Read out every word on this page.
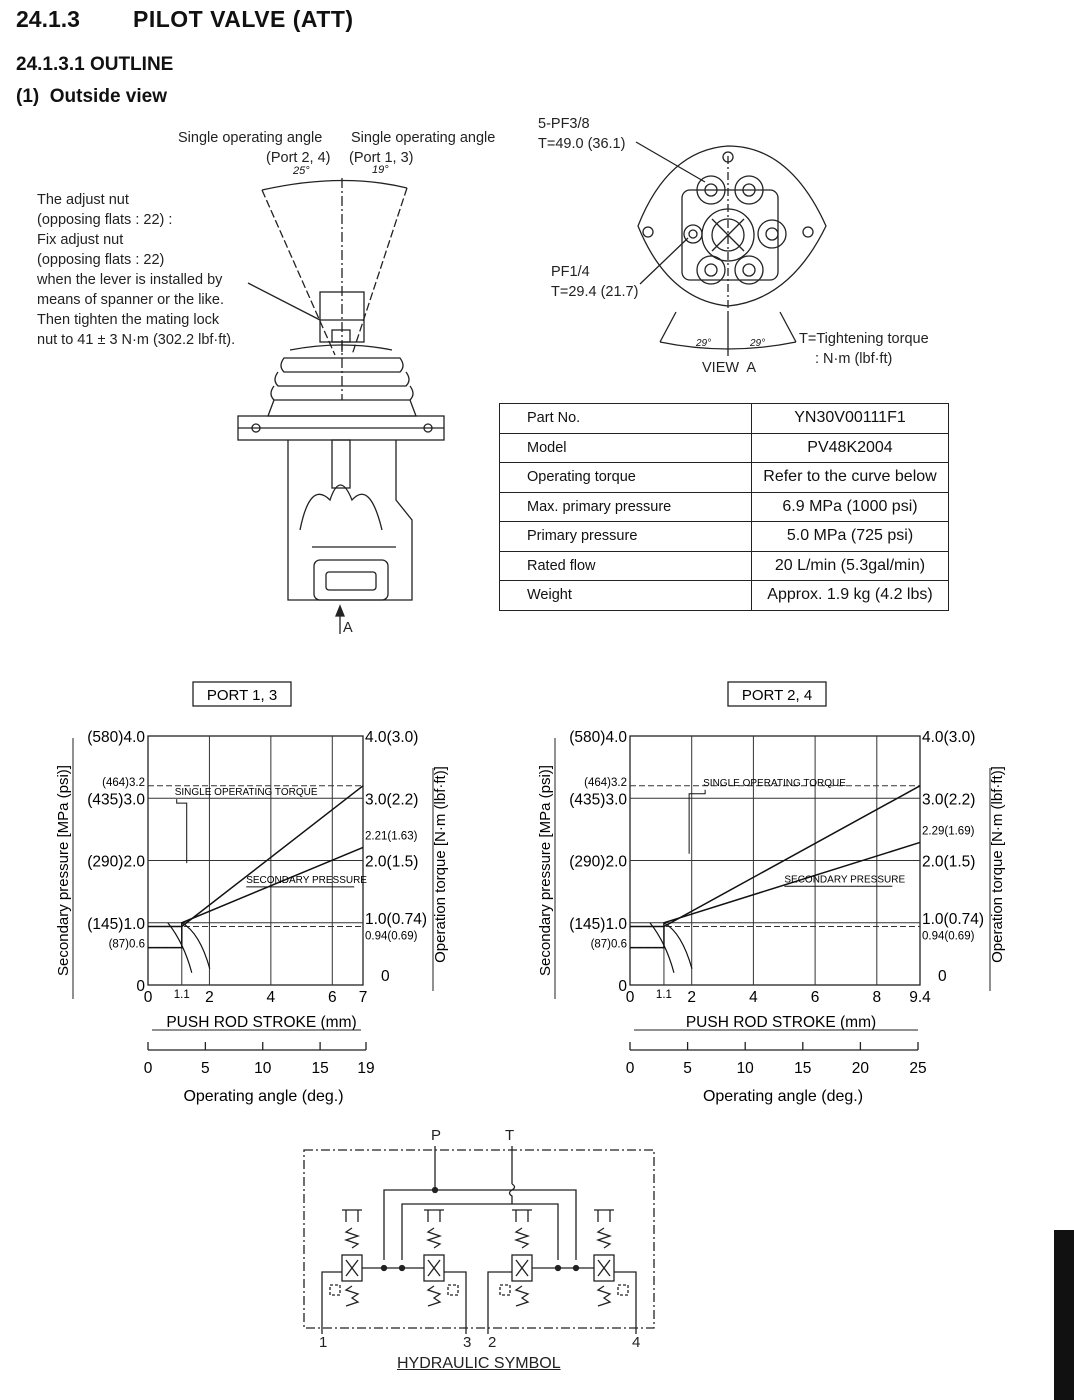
24.1.3 PILOT VALVE (ATT)
24.1.3.1 OUTLINE
(1)  Outside view
Single operating angle
(Port 2, 4)
Single operating angle
(Port 1, 3)
25°	19°
The adjust nut
(opposing flats : 22) :
Fix adjust nut
(opposing flats : 22)
when the lever is installed by
means of spanner or the like.
Then tighten the mating lock
nut to 41 ± 3 N·m (302.2 lbf·ft).
A
5-PF3/8
T=49.0 (36.1)
PF1/4
T=29.4 (21.7)
29°	29° T=Tightening torque
: N·m (lbf·ft)
VIEW  A
Part No.	YN30V00111F1
Model	PV48K2004
Operating torque	Refer to the curve below
Max. primary pressure	6.9 MPa (1000 psi)
Primary pressure	5.0 MPa (725 psi)
Rated flow	20 L/min (5.3gal/min)
Weight	Approx. 1.9 kg (4.2 lbs)
PORT 1, 3
0
(87)0.6
(145)1.0
(290)2.0
(435)3.0
(464)3.2
(580)4.0
0
0.94(0.69)
1.0(0.74)
2.0(1.5)
2.21(1.63)
3.0(2.2)
4.0(3.0)
0 1.1 2	4	6 7
PUSH ROD STROKE (mm)
Secondary pressure [MPa (psi)]	Operation torque [N·m (lbf·ft)]
SINGLE OPERATING TORQUE
SECONDARY PRESSURE
0	5	10	15 19
Operating angle (deg.)
PORT 2, 4
0
(87)0.6
(145)1.0
(290)2.0
(435)3.0
(464)3.2
(580)4.0
0
0.94(0.69)
1.0(0.74)
2.0(1.5)
2.29(1.69)
3.0(2.2)
4.0(3.0)
0 1.1 2	4	6	8 9.4
PUSH ROD STROKE (mm)
Secondary pressure [MPa (psi)]	Operation torque [N·m (lbf·ft)]
SINGLE OPERATING TORQUE
SECONDARY PRESSURE
0	5	10	15	20	25
Operating angle (deg.)
P	T
1	3 2	4
HYDRAULIC SYMBOL
